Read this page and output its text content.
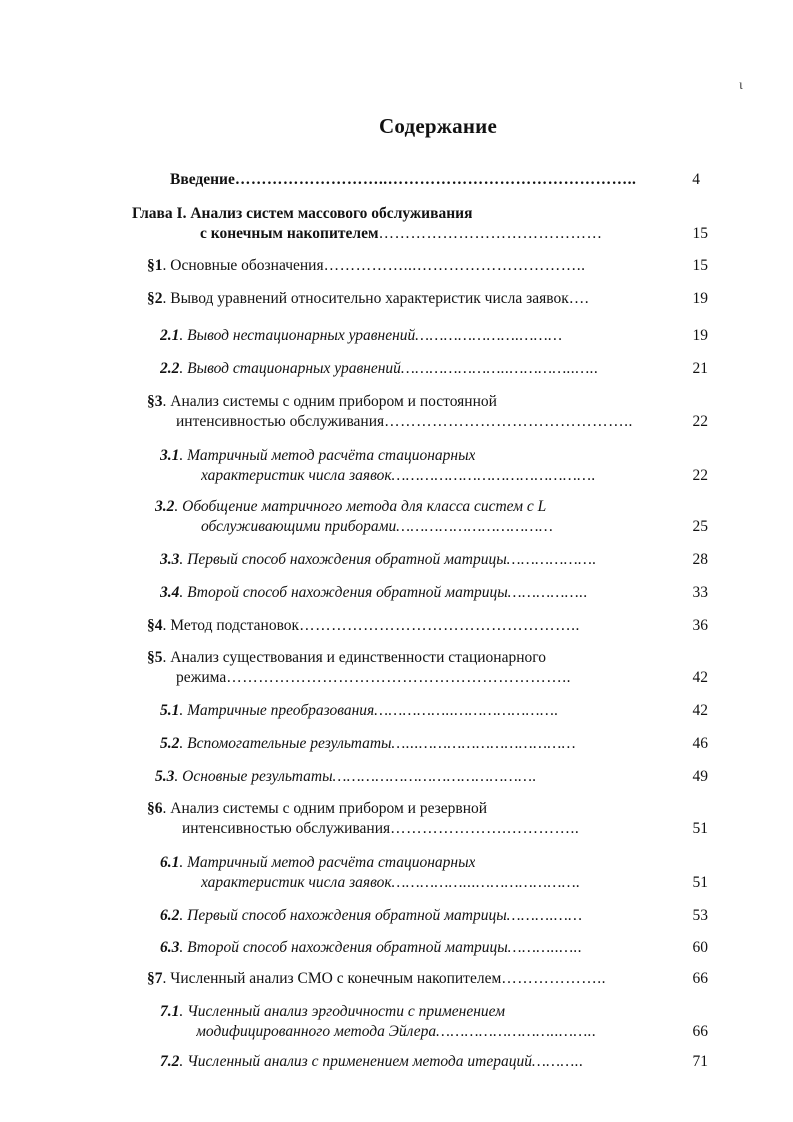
ι
Содержание
Введение………………………..………………………………………..	4
Глава I. Анализ систем массового обслуживания
с конечным накопителем……………………………………	15
§1. Основные обозначения……………...…………………………..	15
§2. Вывод уравнений относительно характеристик числа заявок….	19
2.1. Вывод нестационарных уравнений………………….………	19
2.2. Вывод стационарных уравнений…………………..…………..…..	21
§3. Анализ системы с одним прибором и постоянной
интенсивностью обслуживания………………………………………..	22
3.1. Матричный метод расчёта стационарных
характеристик числа заявок…………………………………….	22
3.2. Обобщение матричного метода для класса систем с L
обслуживающими приборами……………………………	25
3.3. Первый способ нахождения обратной матрицы……………….	28
3.4. Второй способ нахождения обратной матрицы……………..	33
§4. Метод подстановок……………………………………………..	36
§5. Анализ существования и единственности стационарного
режима………………………………………………………..	42
5.1. Матричные преобразования……………..………………….	42
5.2. Вспомогательные результаты…...……………………………	46
5.3. Основные результаты…………………………………….	49
§6. Анализ системы с одним прибором и резервной
интенсивностью обслуживания………………….…………..	51
6.1. Матричный метод расчёта стационарных
характеристик числа заявок……………...………………….	51
6.2. Первый способ нахождения обратной матрицы……….……	53
6.3. Второй способ нахождения обратной матрицы………..…..	60
§7. Численный анализ СМО с конечным накопителем………………..	66
7.1. Численный анализ эргодичности с применением
модифицированного метода Эйлера……………………..……..	66
7.2. Численный анализ с применением метода итераций………..	71
